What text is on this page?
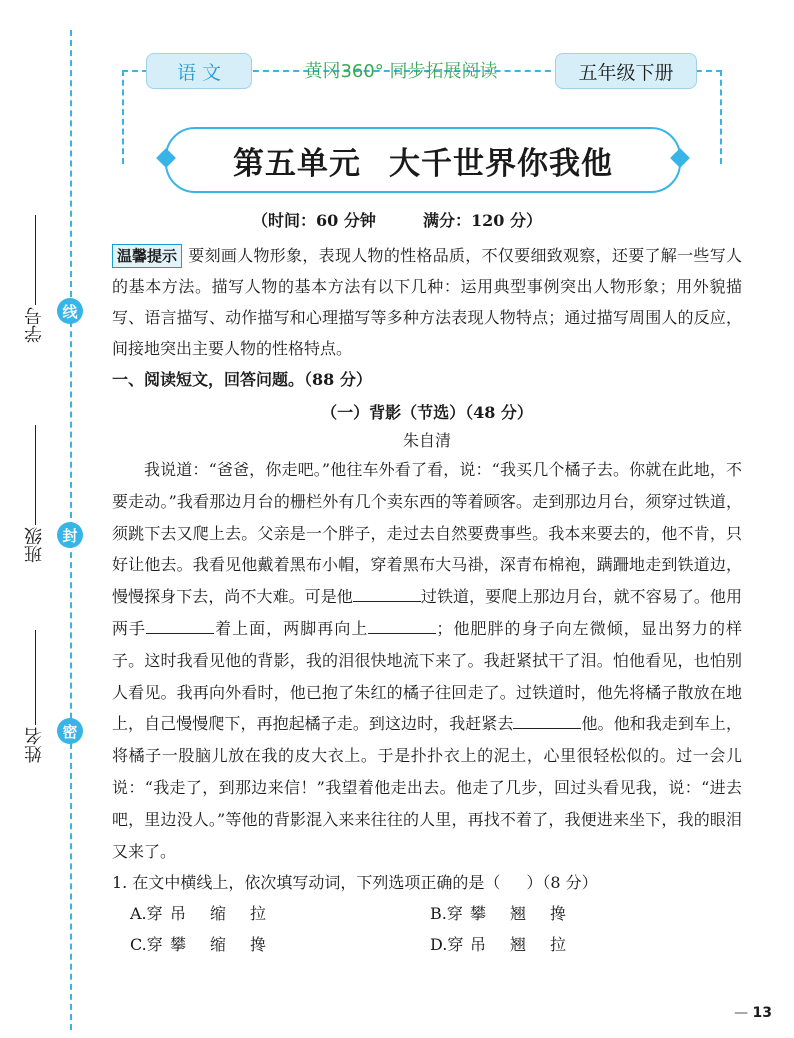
线
封
密
学号
班级
姓名
语 文	黄冈360° 同步拓展阅读	五年级下册
第五单元 大千世界你我他
（时间：60 分钟	满分：120 分）
温馨提示 要刻画人物形象，表现人物的性格品质，不仅要细致观察，还要了解一些写人的基本方法。描写人物的基本方法有以下几种：运用典型事例突出人物形象；用外貌描写、语言描写、动作描写和心理描写等多种方法表现人物特点；通过描写周围人的反应，间接地突出主要人物的性格特点。
一、阅读短文，回答问题。（88 分）
（一）背影（节选）（48 分）
朱自清
我说道：“爸爸，你走吧。”他往车外看了看，说：“我买几个橘子去。你就在此地，不要走动。”我看那边月台的栅栏外有几个卖东西的等着顾客。走到那边月台，须穿过铁道，须跳下去又爬上去。父亲是一个胖子，走过去自然要费事些。我本来要去的，他不肯，只好让他去。我看见他戴着黑布小帽，穿着黑布大马褂，深青布棉袍，蹒跚地走到铁道边，慢慢探身下去，尚不大难。可是他	过铁道，要爬上那边月台，就不容易了。他用两手	着上面，两脚再向上	；他肥胖的身子向左微倾，显出努力的样子。这时我看见他的背影，我的泪很快地流下来了。我赶紧拭干了泪。怕他看见，也怕别人看见。我再向外看时，他已抱了朱红的橘子往回走了。过铁道时，他先将橘子散放在地上，自己慢慢爬下，再抱起橘子走。到这边时，我赶紧去	他。他和我走到车上，将橘子一股脑儿放在我的皮大衣上。于是扑扑衣上的泥土，心里很轻松似的。过一会儿说：“我走了，到那边来信！”我望着他走出去。他走了几步，回过头看见我，说：“进去吧，里边没人。”等他的背影混入来来往往的人里，再找不着了，我便进来坐下，我的眼泪又来了。
1. 在文中横线上，依次填写动词，下列选项正确的是（ ）（8 分）
A.穿 吊 缩 拉	B.穿 攀 翘 搀
C.穿 攀 缩 搀	D.穿 吊 翘 拉
— 13
